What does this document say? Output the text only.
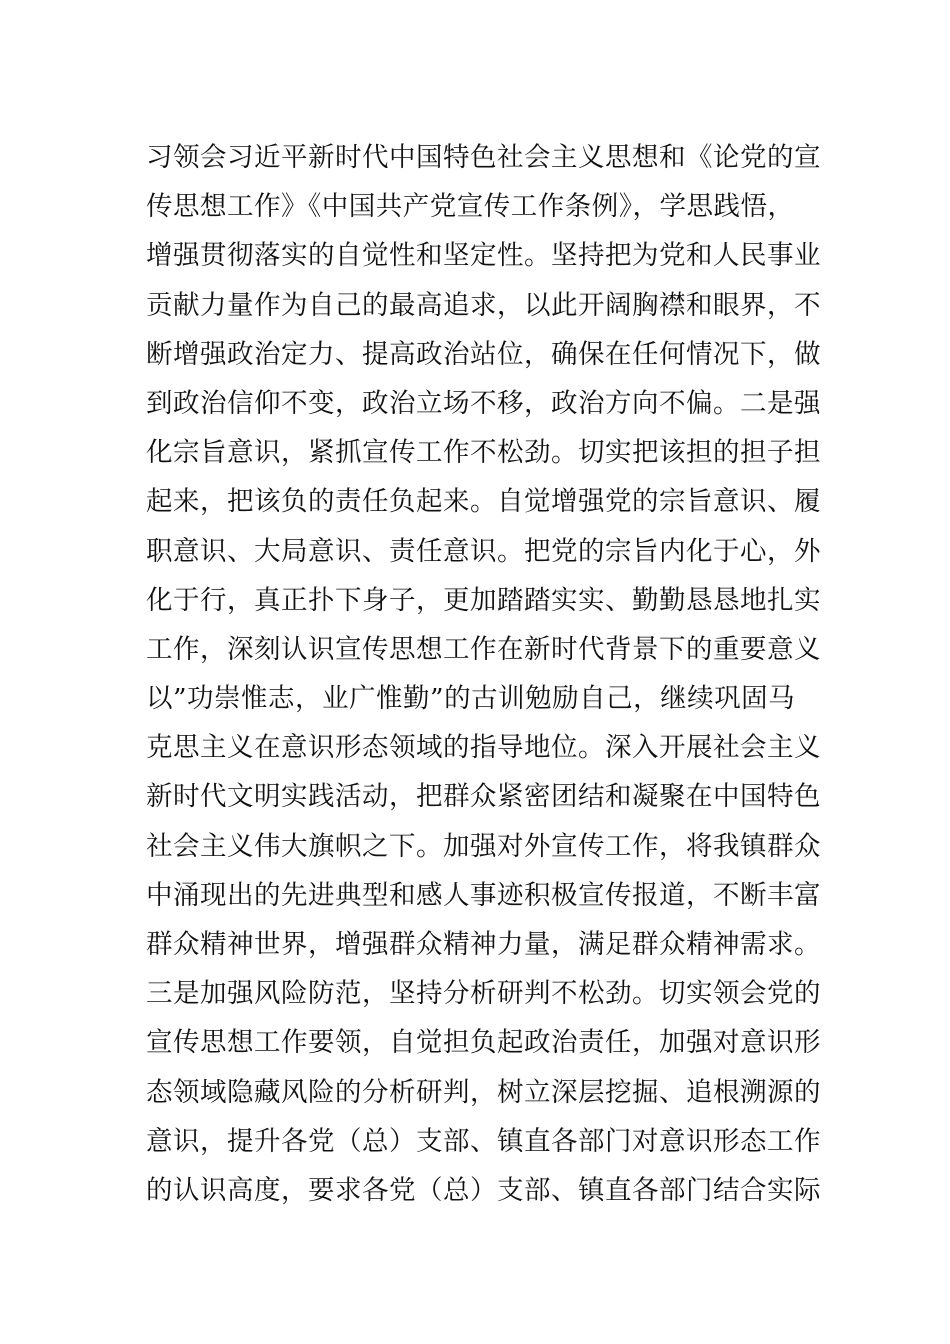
习领会习近平新时代中国特色社会主义思想和《论党的宣
传思想工作》《中国共产党宣传工作条例》，学思践悟，
增强贯彻落实的自觉性和坚定性。坚持把为党和人民事业
贡献力量作为自己的最高追求，以此开阔胸襟和眼界，不
断增强政治定力、提高政治站位，确保在任何情况下，做
到政治信仰不变，政治立场不移，政治方向不偏。二是强
化宗旨意识，紧抓宣传工作不松劲。切实把该担的担子担
起来，把该负的责任负起来。自觉增强党的宗旨意识、履
职意识、大局意识、责任意识。把党的宗旨内化于心，外
化于行，真正扑下身子，更加踏踏实实、勤勤恳恳地扎实
工作，深刻认识宣传思想工作在新时代背景下的重要意义
以”功崇惟志，业广惟勤”的古训勉励自己，继续巩固马
克思主义在意识形态领域的指导地位。深入开展社会主义
新时代文明实践活动，把群众紧密团结和凝聚在中国特色
社会主义伟大旗帜之下。加强对外宣传工作，将我镇群众
中涌现出的先进典型和感人事迹积极宣传报道，不断丰富
群众精神世界，增强群众精神力量，满足群众精神需求。
三是加强风险防范，坚持分析研判不松劲。切实领会党的
宣传思想工作要领，自觉担负起政治责任，加强对意识形
态领域隐藏风险的分析研判，树立深层挖掘、追根溯源的
意识，提升各党（总）支部、镇直各部门对意识形态工作
的认识高度，要求各党（总）支部、镇直各部门结合实际
